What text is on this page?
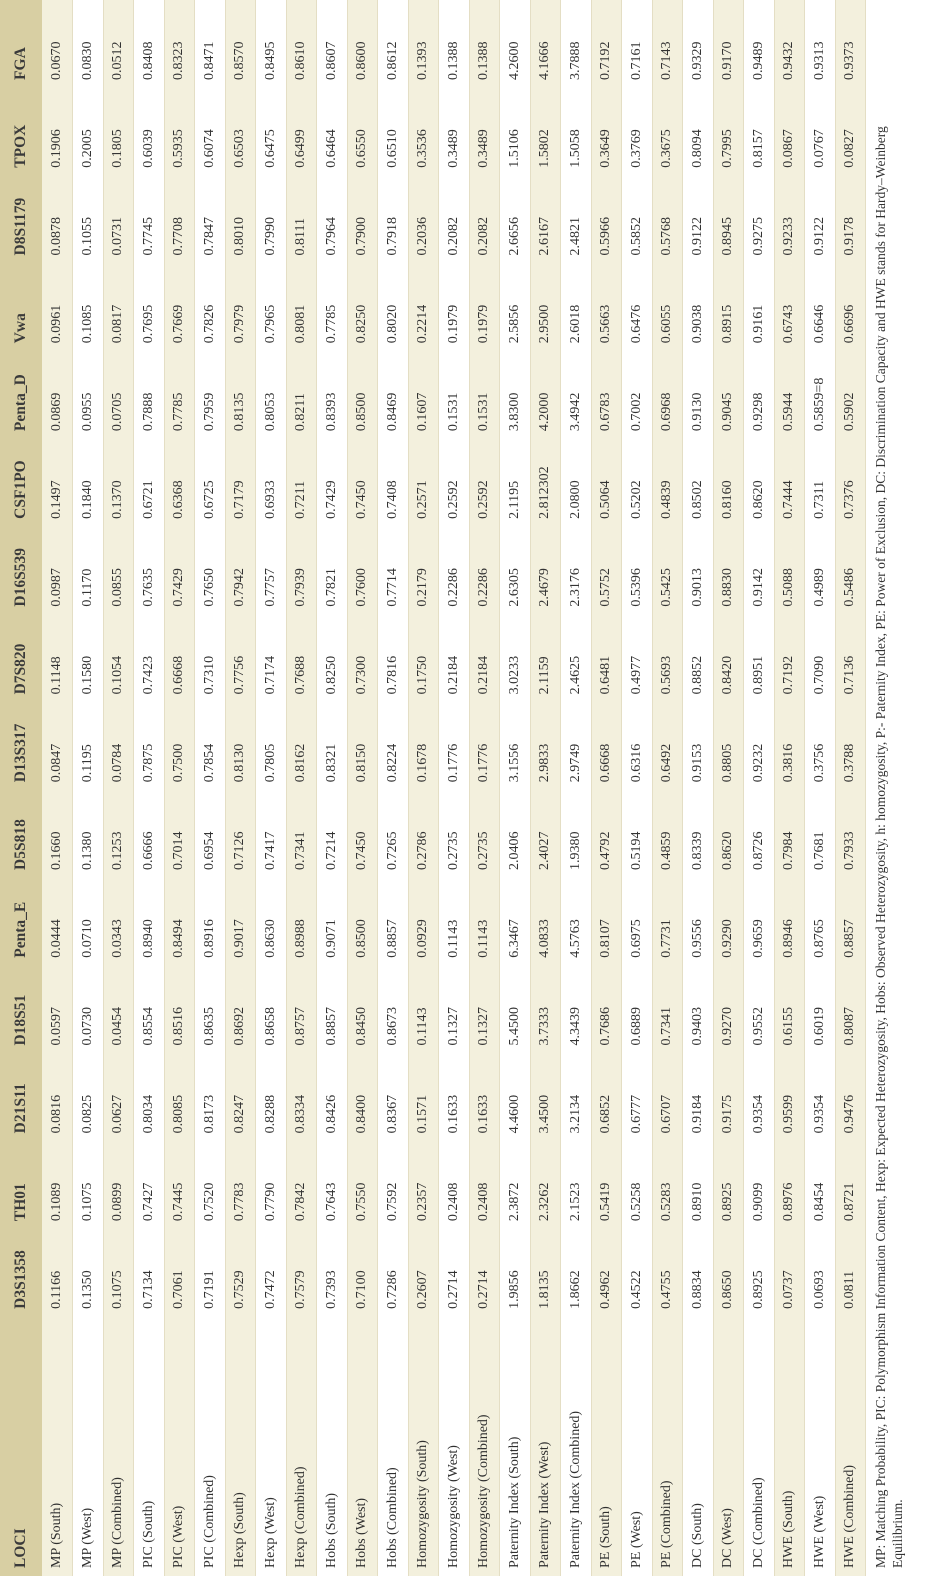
LOCI	D3S1358	TH01	D21S11	D18S51	Penta_E	D5S818	D13S317	D7S820	D16S539	CSF1PO	Penta_D	Vwa	D8S1179	TPOX	FGA
MP (South)	0.1166	0.1089	0.0816	0.0597	0.0444	0.1660	0.0847	0.1148	0.0987	0.1497	0.0869	0.0961	0.0878	0.1906	0.0670
MP (West)	0.1350	0.1075	0.0825	0.0730	0.0710	0.1380	0.1195	0.1580	0.1170	0.1840	0.0955	0.1085	0.1055	0.2005	0.0830
MP (Combined)	0.1075	0.0899	0.0627	0.0454	0.0343	0.1253	0.0784	0.1054	0.0855	0.1370	0.0705	0.0817	0.0731	0.1805	0.0512
PIC (South)	0.7134	0.7427	0.8034	0.8554	0.8940	0.6666	0.7875	0.7423	0.7635	0.6721	0.7888	0.7695	0.7745	0.6039	0.8408
PIC (West)	0.7061	0.7445	0.8085	0.8516	0.8494	0.7014	0.7500	0.6668	0.7429	0.6368	0.7785	0.7669	0.7708	0.5935	0.8323
PIC (Combined)	0.7191	0.7520	0.8173	0.8635	0.8916	0.6954	0.7854	0.7310	0.7650	0.6725	0.7959	0.7826	0.7847	0.6074	0.8471
Hexp (South)	0.7529	0.7783	0.8247	0.8692	0.9017	0.7126	0.8130	0.7756	0.7942	0.7179	0.8135	0.7979	0.8010	0.6503	0.8570
Hexp (West)	0.7472	0.7790	0.8288	0.8658	0.8630	0.7417	0.7805	0.7174	0.7757	0.6933	0.8053	0.7965	0.7990	0.6475	0.8495
Hexp (Combined)	0.7579	0.7842	0.8334	0.8757	0.8988	0.7341	0.8162	0.7688	0.7939	0.7211	0.8211	0.8081	0.8111	0.6499	0.8610
Hobs (South)	0.7393	0.7643	0.8426	0.8857	0.9071	0.7214	0.8321	0.8250	0.7821	0.7429	0.8393	0.7785	0.7964	0.6464	0.8607
Hobs (West)	0.7100	0.7550	0.8400	0.8450	0.8500	0.7450	0.8150	0.7300	0.7600	0.7450	0.8500	0.8250	0.7900	0.6550	0.8600
Hobs (Combined)	0.7286	0.7592	0.8367	0.8673	0.8857	0.7265	0.8224	0.7816	0.7714	0.7408	0.8469	0.8020	0.7918	0.6510	0.8612
Homozygosity (South)	0.2607	0.2357	0.1571	0.1143	0.0929	0.2786	0.1678	0.1750	0.2179	0.2571	0.1607	0.2214	0.2036	0.3536	0.1393
Homozygosity (West)	0.2714	0.2408	0.1633	0.1327	0.1143	0.2735	0.1776	0.2184	0.2286	0.2592	0.1531	0.1979	0.2082	0.3489	0.1388
Homozygosity (Combined)	0.2714	0.2408	0.1633	0.1327	0.1143	0.2735	0.1776	0.2184	0.2286	0.2592	0.1531	0.1979	0.2082	0.3489	0.1388
Paternity Index (South)	1.9856	2.3872	4.4600	5.4500	6.3467	2.0406	3.1556	3.0233	2.6305	2.1195	3.8300	2.5856	2.6656	1.5106	4.2600
Paternity Index (West)	1.8135	2.3262	3.4500	3.7333	4.0833	2.4027	2.9833	2.1159	2.4679	2.812302	4.2000	2.9500	2.6167	1.5802	4.1666
Paternity Index (Combined)	1.8662	2.1523	3.2134	4.3439	4.5763	1.9380	2.9749	2.4625	2.3176	2.0800	3.4942	2.6018	2.4821	1.5058	3.7888
PE (South)	0.4962	0.5419	0.6852	0.7686	0.8107	0.4792	0.6668	0.6481	0.5752	0.5064	0.6783	0.5663	0.5966	0.3649	0.7192
PE (West)	0.4522	0.5258	0.6777	0.6889	0.6975	0.5194	0.6316	0.4977	0.5396	0.5202	0.7002	0.6476	0.5852	0.3769	0.7161
PE (Combined)	0.4755	0.5283	0.6707	0.7341	0.7731	0.4859	0.6492	0.5693	0.5425	0.4839	0.6968	0.6055	0.5768	0.3675	0.7143
DC (South)	0.8834	0.8910	0.9184	0.9403	0.9556	0.8339	0.9153	0.8852	0.9013	0.8502	0.9130	0.9038	0.9122	0.8094	0.9329
DC (West)	0.8650	0.8925	0.9175	0.9270	0.9290	0.8620	0.8805	0.8420	0.8830	0.8160	0.9045	0.8915	0.8945	0.7995	0.9170
DC (Combined)	0.8925	0.9099	0.9354	0.9552	0.9659	0.8726	0.9232	0.8951	0.9142	0.8620	0.9298	0.9161	0.9275	0.8157	0.9489
HWE (South)	0.0737	0.8976	0.9599	0.6155	0.8946	0.7984	0.3816	0.7192	0.5088	0.7444	0.5944	0.6743	0.9233	0.0867	0.9432
HWE (West)	0.0693	0.8454	0.9354	0.6019	0.8765	0.7681	0.3756	0.7090	0.4989	0.7311	0.5859=8	0.6646	0.9122	0.0767	0.9313
HWE (Combined)	0.0811	0.8721	0.9476	0.8087	0.8857	0.7933	0.3788	0.7136	0.5486	0.7376	0.5902	0.6696	0.9178	0.0827	0.9373
MP: Matching Probability, PIC: Polymorphism Information Content, Hexp: Expected Heterozygosity, Hobs: Observed Heterozygosity, h: homozygosity, P:- Paternity Index, PE: Power of Exclusion, DC: Discrimination Capacity and HWE stands for Hardy–Weinberg Equilibrium.
